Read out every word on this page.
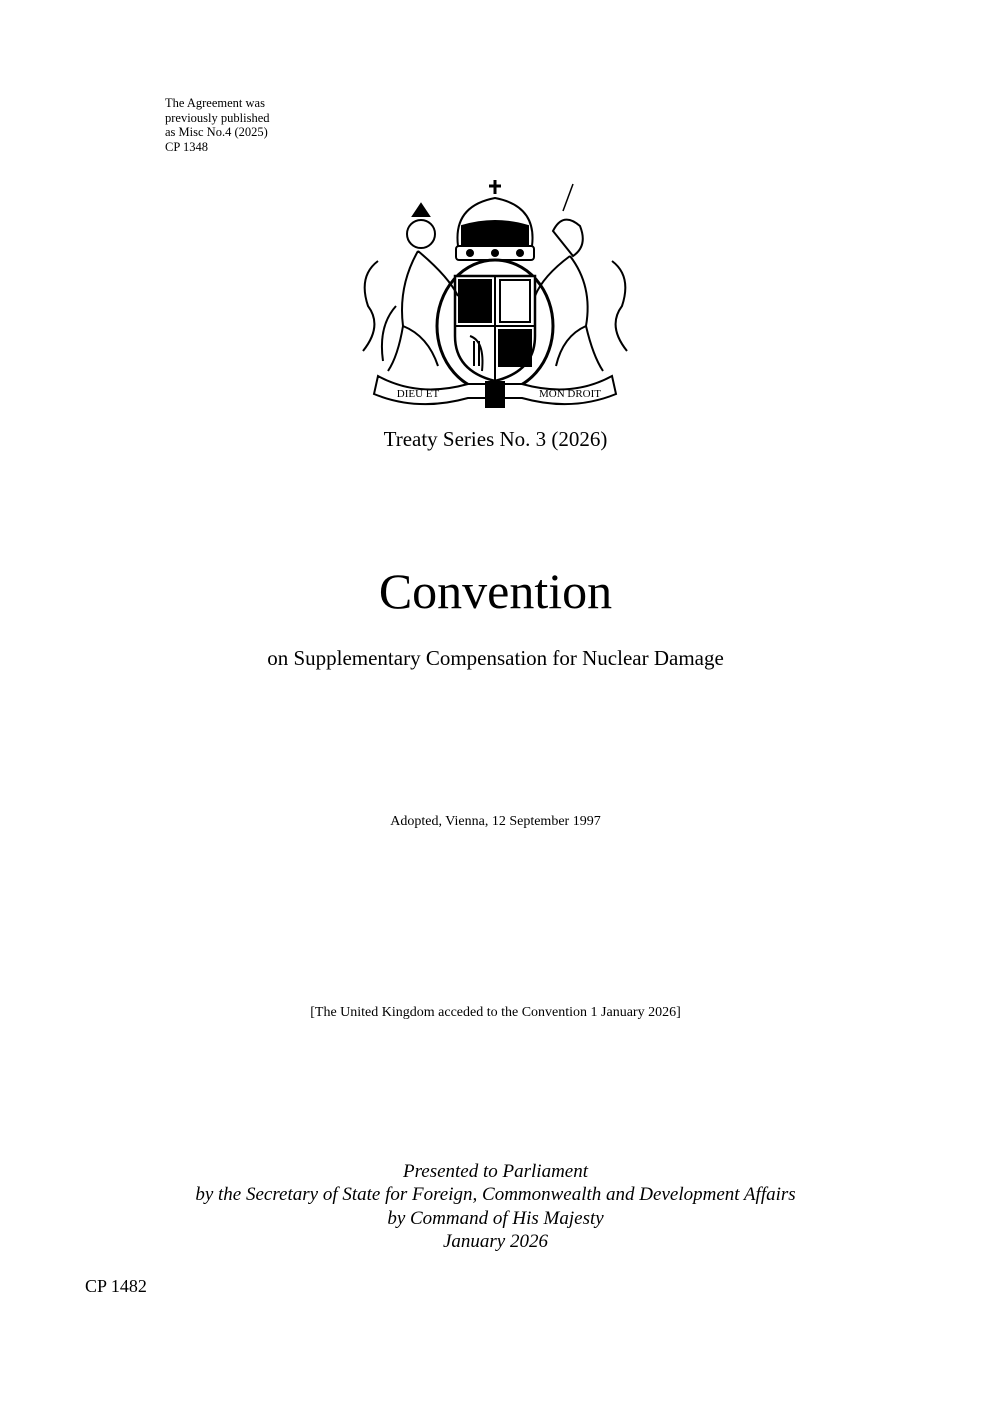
The Agreement was
previously published
as Misc No.4 (2025)
CP 1348
DIEU ET	MON DROIT
Treaty Series No. 3 (2026)
Convention
on Supplementary Compensation for Nuclear Damage
Adopted, Vienna, 12 September 1997
[The United Kingdom acceded to the Convention 1 January 2026]
Presented to Parliament
by the Secretary of State for Foreign, Commonwealth and Development Affairs
by Command of His Majesty
January 2026
CP 1482
